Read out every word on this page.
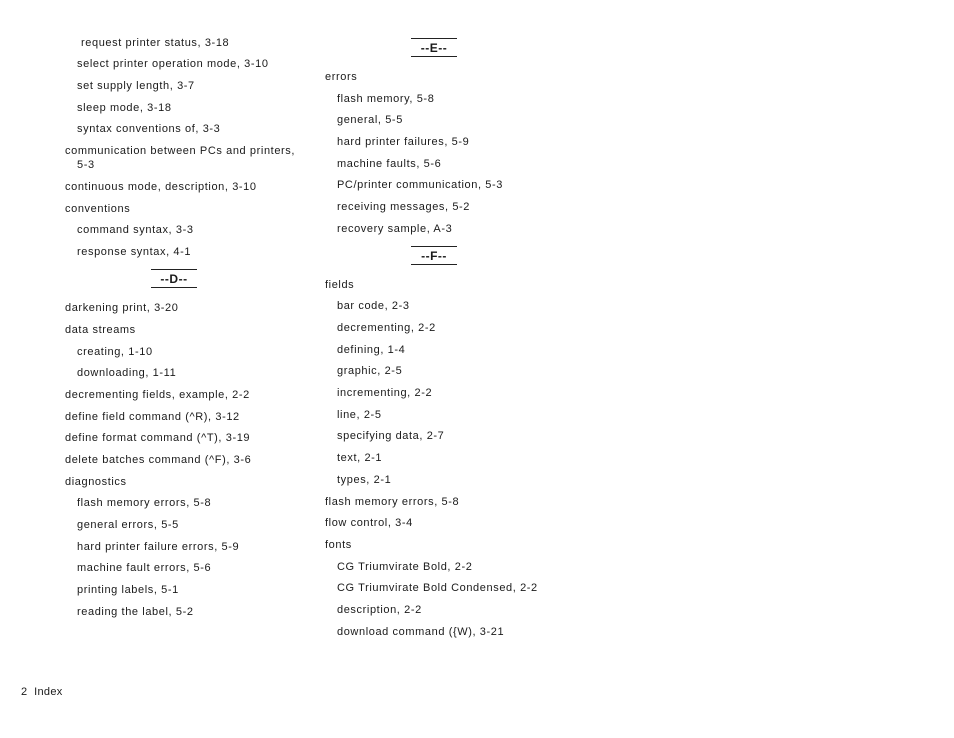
request printer status, 3-18
select printer operation mode, 3-10
set supply length, 3-7
sleep mode, 3-18
syntax conventions of, 3-3
communication between PCs and printers,
5-3
continuous mode, description, 3-10
conventions
command syntax, 3-3
response syntax, 4-1
--D--
darkening print, 3-20
data streams
creating, 1-10
downloading, 1-11
decrementing fields, example, 2-2
define field command (^R), 3-12
define format command (^T), 3-19
delete batches command (^F), 3-6
diagnostics
flash memory errors, 5-8
general errors, 5-5
hard printer failure errors, 5-9
machine fault errors, 5-6
printing labels, 5-1
reading the label, 5-2
--E--
errors
flash memory, 5-8
general, 5-5
hard printer failures, 5-9
machine faults, 5-6
PC/printer communication, 5-3
receiving messages, 5-2
recovery sample, A-3
--F--
fields
bar code, 2-3
decrementing, 2-2
defining, 1-4
graphic, 2-5
incrementing, 2-2
line, 2-5
specifying data, 2-7
text, 2-1
types, 2-1
flash memory errors, 5-8
flow control, 3-4
fonts
CG Triumvirate Bold, 2-2
CG Triumvirate Bold Condensed, 2-2
description, 2-2
download command ({W), 3-21
2 Index
